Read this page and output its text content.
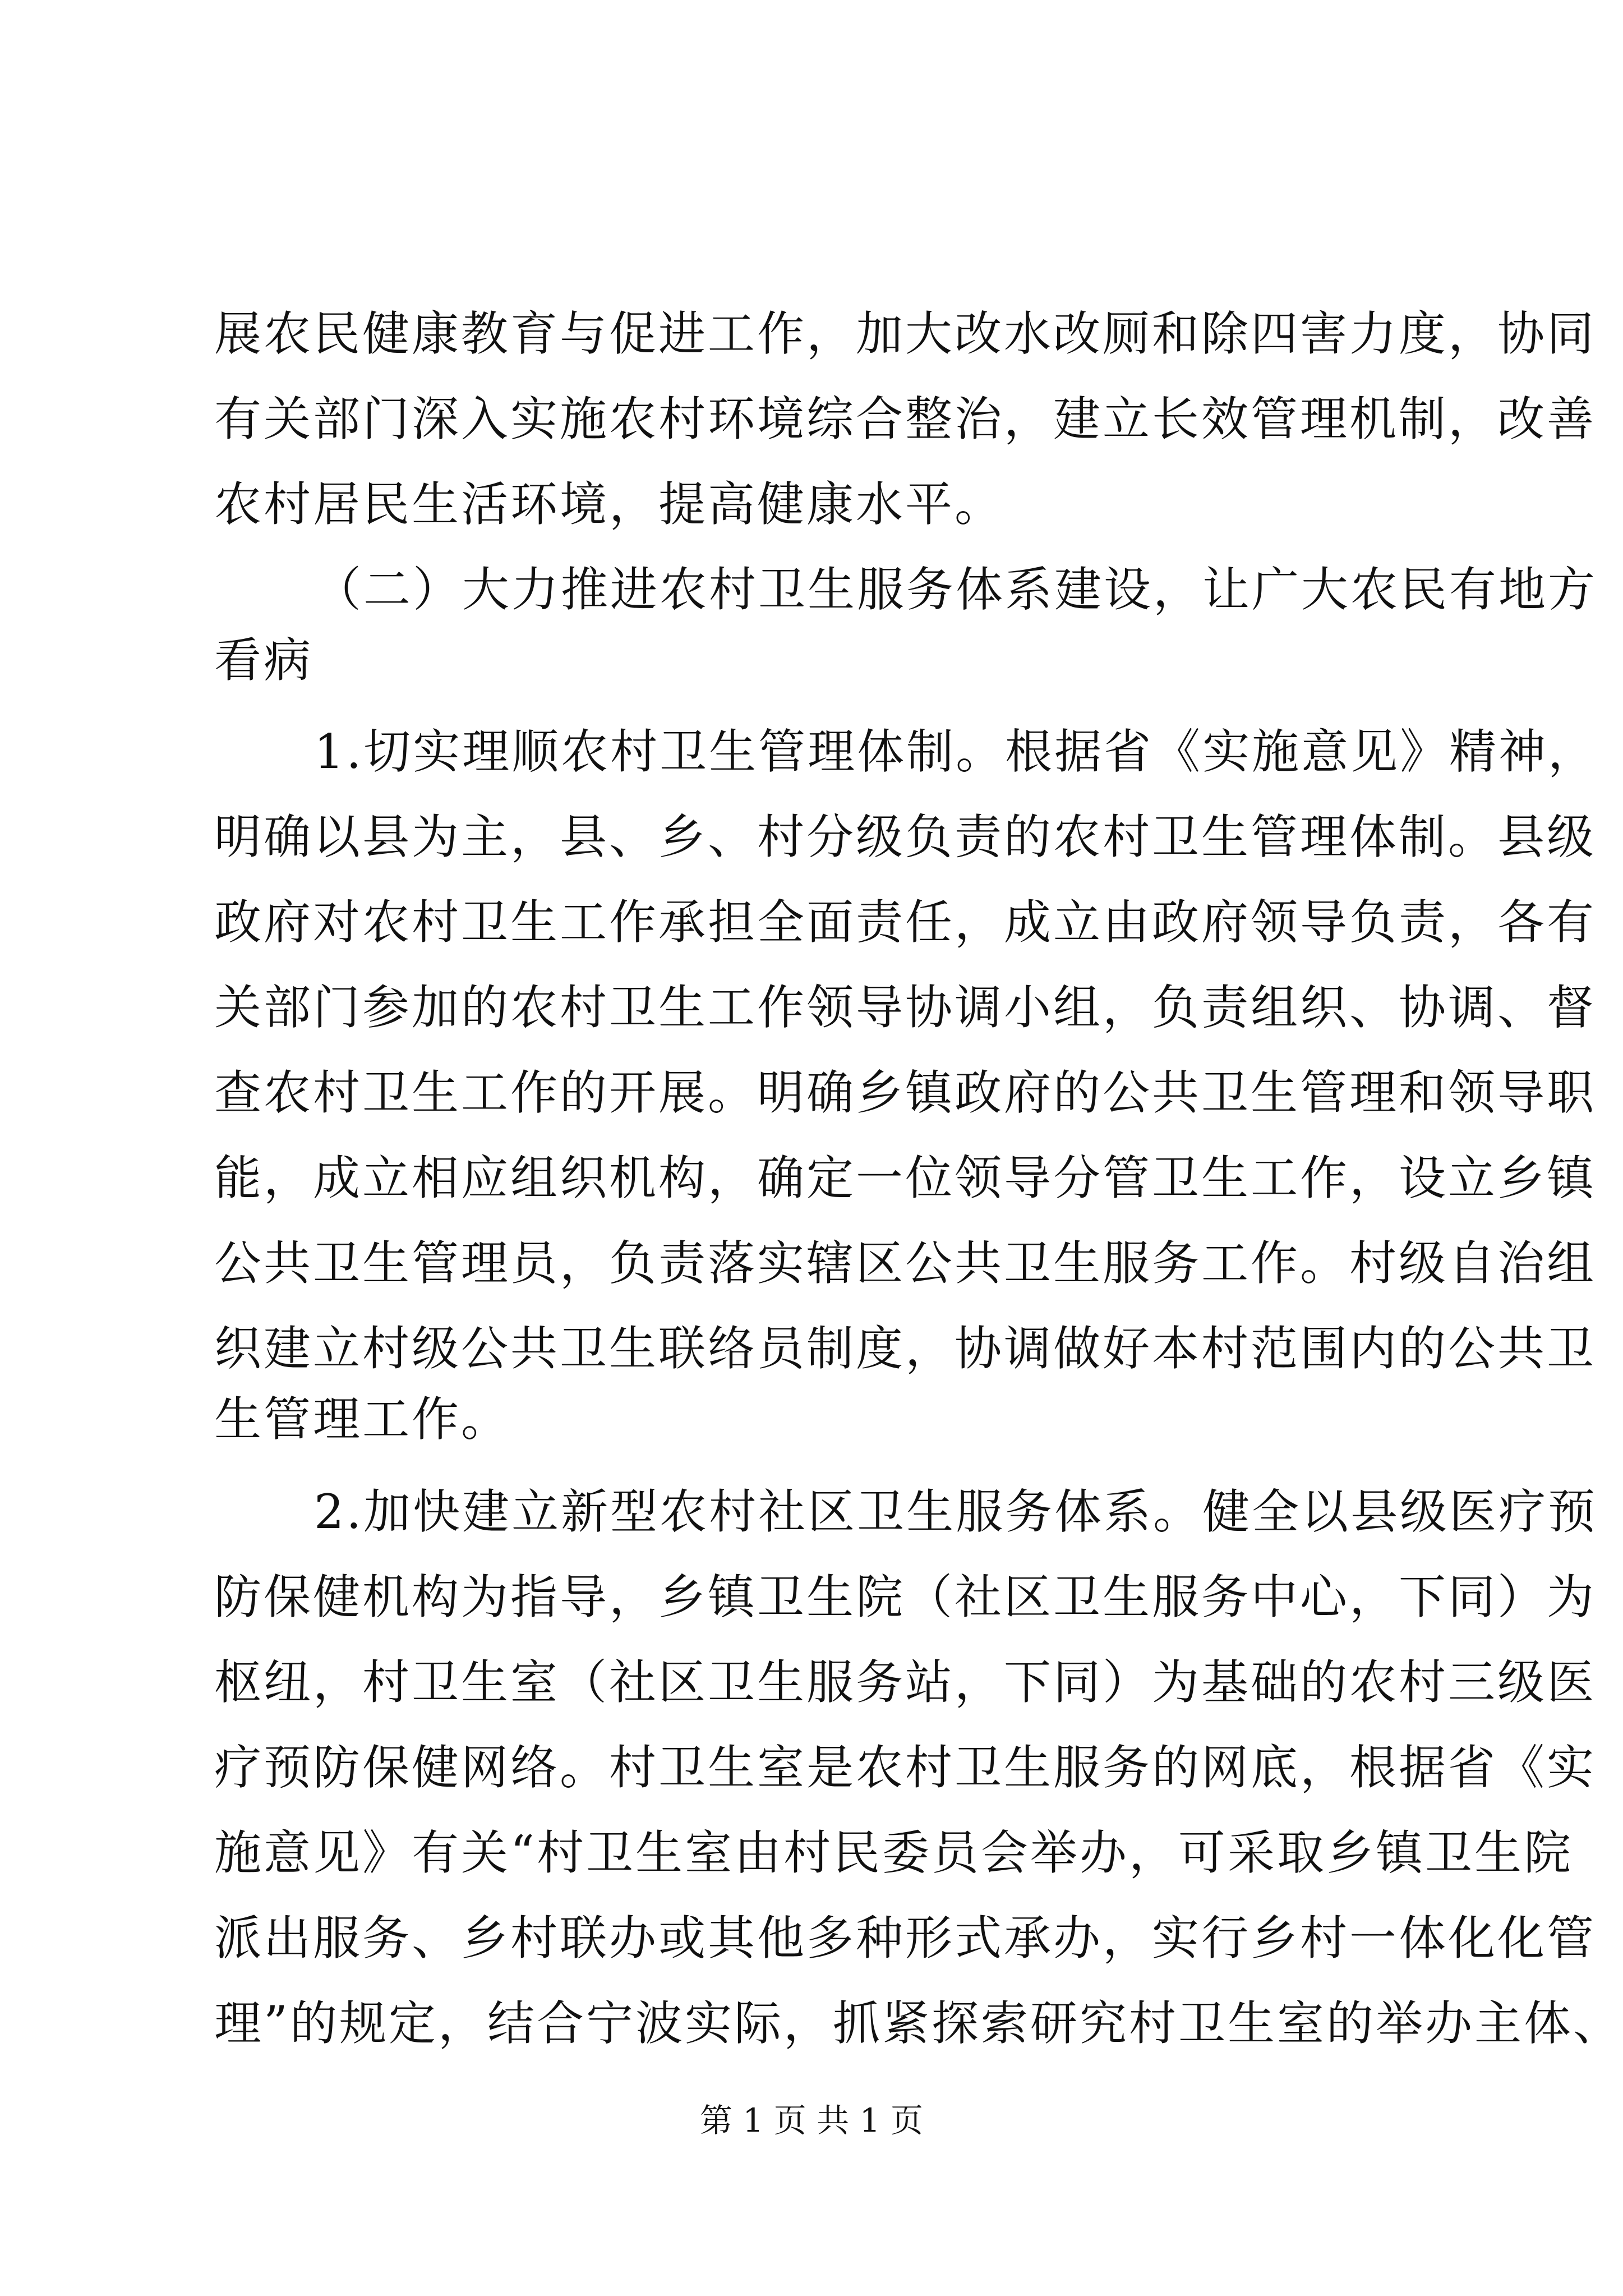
展农民健康教育与促进工作，加大改水改厕和除四害力度，协同
有关部门深入实施农村环境综合整治，建立长效管理机制，改善
农村居民生活环境，提高健康水平。
（二）大力推进农村卫生服务体系建设，让广大农民有地方
看病
1.切实理顺农村卫生管理体制。根据省《实施意见》精神，
明确以县为主，县、乡、村分级负责的农村卫生管理体制。县级
政府对农村卫生工作承担全面责任，成立由政府领导负责，各有
关部门参加的农村卫生工作领导协调小组，负责组织、协调、督
查农村卫生工作的开展。明确乡镇政府的公共卫生管理和领导职
能，成立相应组织机构，确定一位领导分管卫生工作，设立乡镇
公共卫生管理员，负责落实辖区公共卫生服务工作。村级自治组
织建立村级公共卫生联络员制度，协调做好本村范围内的公共卫
生管理工作。
2.加快建立新型农村社区卫生服务体系。健全以县级医疗预
防保健机构为指导，乡镇卫生院（社区卫生服务中心，下同）为
枢纽，村卫生室（社区卫生服务站，下同）为基础的农村三级医
疗预防保健网络。村卫生室是农村卫生服务的网底，根据省《实
施意见》有关“村卫生室由村民委员会举办，可采取乡镇卫生院
派出服务、乡村联办或其他多种形式承办，实行乡村一体化化管
理”的规定，结合宁波实际，抓紧探索研究村卫生室的举办主体、
第 1 页 共 1 页
